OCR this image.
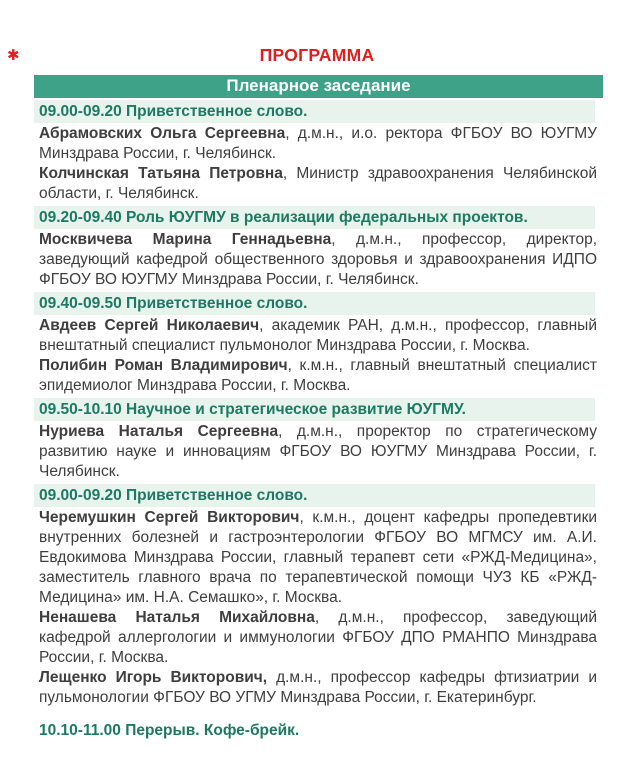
✱	ПРОГРАММА
Пленарное заседание
09.00-09.20 Приветственное слово.

Абрамовских Ольга Сергеевна, д.м.н., и.о. ректора ФГБОУ ВО ЮУГМУ Минздрава России, г. Челябинск.

Колчинская Татьяна Петровна, Министр здравоохранения Челябинской области, г. Челябинск.

09.20-09.40 Роль ЮУГМУ в реализации федеральных проектов.

Москвичева Марина Геннадьевна, д.м.н., профессор, директор, заведующий кафедрой общественного здоровья и здравоохранения ИДПО ФГБОУ ВО ЮУГМУ Минздрава России, г. Челябинск.

09.40-09.50 Приветственное слово.

Авдеев Сергей Николаевич, академик РАН, д.м.н., профессор, главный внештатный специалист пульмонолог Минздрава России, г. Москва.

Полибин Роман Владимирович, к.м.н., главный внештатный специалист эпидемиолог Минздрава России, г. Москва.

09.50-10.10 Научное и стратегическое развитие ЮУГМУ.

Нуриева Наталья Сергеевна, д.м.н., проректор по стратегическому развитию науке и инновациям ФГБОУ ВО ЮУГМУ Минздрава России, г. Челябинск.

09.00-09.20 Приветственное слово.

Черемушкин Сергей Викторович, к.м.н., доцент кафедры пропедевтики внутренних болезней и гастроэнтерологии ФГБОУ ВО МГМСУ им. А.И. Евдокимова Минздрава России, главный терапевт сети «РЖД-Медицина», заместитель главного врача по терапевтической помощи ЧУЗ КБ «РЖД-Медицина» им. Н.А. Семашко», г. Москва.

Ненашева Наталья Михайловна, д.м.н., профессор, заведующий кафедрой аллергологии и иммунологии ФГБОУ ДПО РМАНПО Минздрава России, г. Москва.

Лещенко Игорь Викторович, д.м.н., профессор кафедры фтизиатрии и пульмонологии ФГБОУ ВО УГМУ Минздрава России, г. Екатеринбург.

10.10-11.00 Перерыв. Кофе-брейк.
